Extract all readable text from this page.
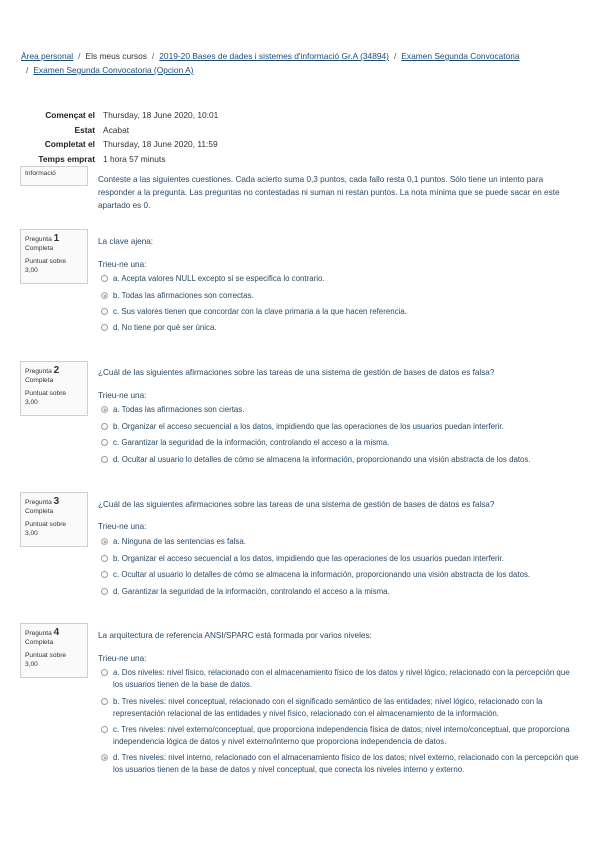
Àrea personal / Els meus cursos / 2019-20 Bases de dades i sistemes d'informació Gr.A (34894) / Examen Segunda Convocatoria
/ Examen Segunda Convocatoria (Opcion A)
Començat el Thursday, 18 June 2020, 10:01
Estat Acabat
Completat el Thursday, 18 June 2020, 11:59
Temps emprat 1 hora 57 minuts
Informació
Conteste a las siguientes cuestiones. Cada acierto suma 0,3 puntos, cada fallo resta 0,1 puntos. Sólo tiene un intento para responder a la pregunta. Las preguntas no contestadas ni suman ni restan puntos. La nota mínima que se puede sacar en este apartado es 0.
Pregunta 1
Completa
Puntuat sobre
3,00
La clave ajena:
Trieu-ne una:
a. Acepta valores NULL excepto si se especifica lo contrario.
b. Todas las afirmaciones son correctas.
c. Sus valores tienen que concordar con la clave primaria a la que hacen referencia.
d. No tiene por qué ser única.
Pregunta 2
Completa
Puntuat sobre
3,00
¿Cuál de las siguientes afirmaciones sobre las tareas de una sistema de gestión de bases de datos es falsa?
Trieu-ne una:
a. Todas las afirmaciones son ciertas.
b. Organizar el acceso secuencial a los datos, impidiendo que las operaciones de los usuarios puedan interferir.
c. Garantizar la seguridad de la información, controlando el acceso a la misma.
d. Ocultar al usuario lo detalles de cómo se almacena la información, proporcionando una visión abstracta de los datos.
Pregunta 3
Completa
Puntuat sobre
3,00
¿Cuál de las siguientes afirmaciones sobre las tareas de una sistema de gestión de bases de datos es falsa?
Trieu-ne una:
a. Ninguna de las sentencias es falsa.
b. Organizar el acceso secuencial a los datos, impidiendo que las operaciones de los usuarios puedan interferir.
c. Ocultar al usuario lo detalles de cómo se almacena la información, proporcionando una visión abstracta de los datos.
d. Garantizar la seguridad de la información, controlando el acceso a la misma.
Pregunta 4
Completa
Puntuat sobre
3,00
La arquitectura de referencia ANSI/SPARC está formada por varios niveles:
Trieu-ne una:
a. Dos niveles: nivel físico, relacionado con el almacenamiento físico de los datos y nivel lógico, relacionado con la percepción que los usuarios tienen de la base de datos.
b. Tres niveles: nivel conceptual, relacionado con el significado semántico de las entidades; nivel lógico, relacionado con la representación relacional de las entidades y nivel físico, relacionado con el almacenamiento de la información.
c. Tres niveles: nivel externo/conceptual, que proporciona independencia física de datos; nivel interno/conceptual, que proporciona independencia lógica de datos y nivel externo/interno que proporciona independencia de datos.
d. Tres niveles: nivel interno, relacionado con el almacenamiento físico de los datos; nivel externo, relacionado con la percepción que los usuarios tienen de la base de datos y nivel conceptual, que conecta los niveles interno y externo.
